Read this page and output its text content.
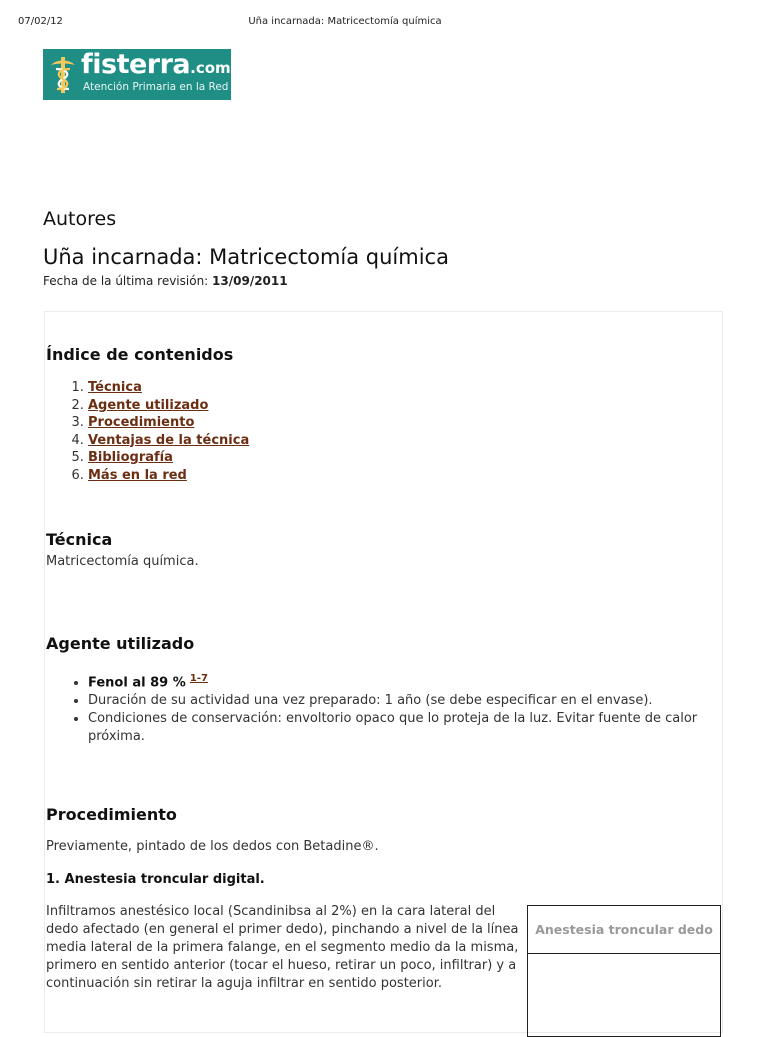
07/02/12	Uña incarnada: Matricectomía química
fisterra.com
Atención Primaria en la Red
Autores
Uña incarnada: Matricectomía química
Fecha de la última revisión: 13/09/2011
Índice de contenidos
1. Técnica
2. Agente utilizado
3. Procedimiento
4. Ventajas de la técnica
5. Bibliografía
6. Más en la red
Técnica

Matricectomía química.

Agente utilizado
• Fenol al 89 % $^{1-7}$
• Duración de su actividad una vez preparado: 1 año (se debe especificar en el envase).
• Condiciones de conservación: envoltorio opaco que lo proteja de la luz. Evitar fuente de calor próxima.
Procedimiento

Previamente, pintado de los dedos con Betadine®.

1. Anestesia troncular digital.

Infiltramos anestésico local (Scandinibsa al 2%) en la cara lateral del dedo afectado (en general el primer dedo), pinchando a nivel de la línea media lateral de la primera falange, en el segmento medio da la misma, primero en sentido anterior (tocar el hueso, retirar un poco, infiltrar) y a continuación sin retirar la aguja infiltrar en sentido posterior.

Anestesia troncular dedo
